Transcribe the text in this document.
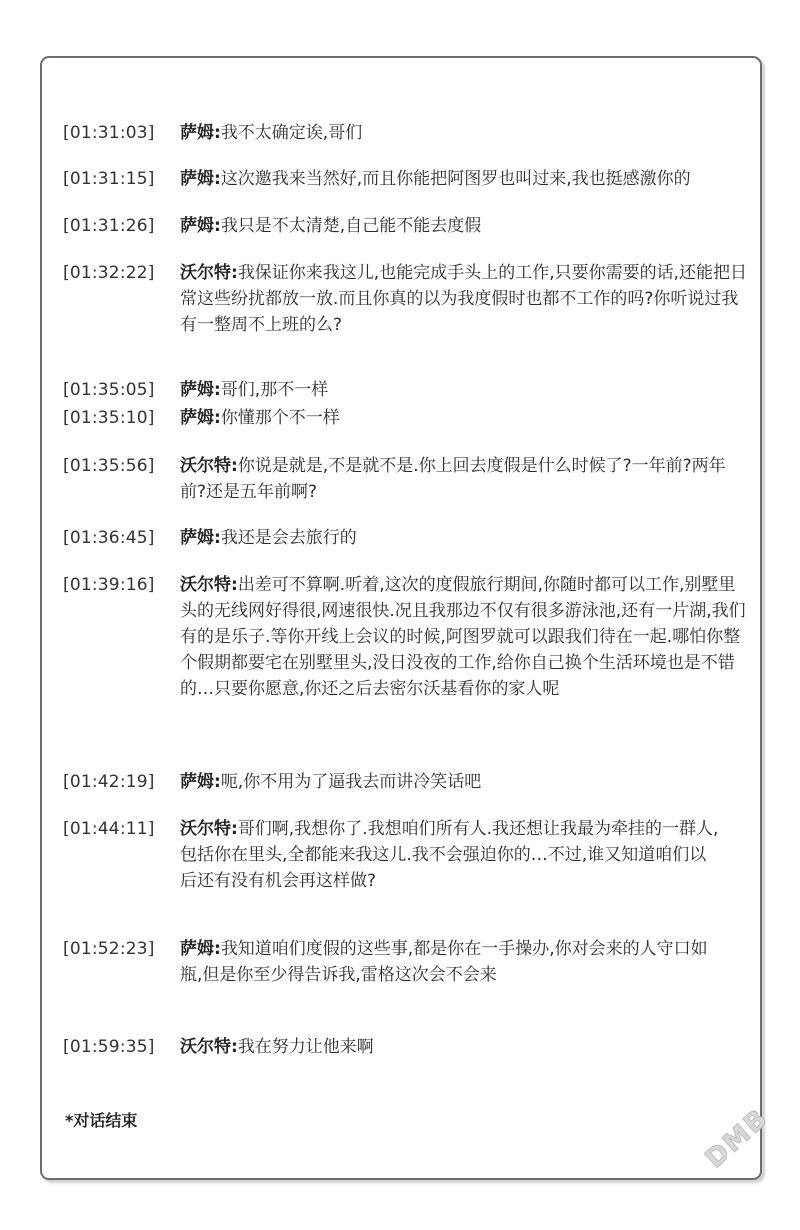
[01:31:03] 萨姆:我不太确定诶,哥们
[01:31:15] 萨姆:这次邀我来当然好,而且你能把阿图罗也叫过来,我也挺感激你的
[01:31:26] 萨姆:我只是不太清楚,自己能不能去度假
[01:32:22] 沃尔特:我保证你来我这儿,也能完成手头上的工作,只要你需要的话,还能把日常这些纷扰都放一放.而且你真的以为我度假时也都不工作的吗?你听说过我有一整周不上班的么?
[01:35:05] 萨姆:哥们,那不一样
[01:35:10] 萨姆:你懂那个不一样
[01:35:56] 沃尔特:你说是就是,不是就不是.你上回去度假是什么时候了?一年前?两年前?还是五年前啊?
[01:36:45] 萨姆:我还是会去旅行的
[01:39:16] 沃尔特:出差可不算啊.听着,这次的度假旅行期间,你随时都可以工作,别墅里头的无线网好得很,网速很快.况且我那边不仅有很多游泳池,还有一片湖,我们有的是乐子.等你开线上会议的时候,阿图罗就可以跟我们待在一起.哪怕你整个假期都要宅在别墅里头,没日没夜的工作,给你自己换个生活环境也是不错的…只要你愿意,你还之后去密尔沃基看你的家人呢
[01:42:19] 萨姆:呃,你不用为了逼我去而讲冷笑话吧
[01:44:11] 沃尔特:哥们啊,我想你了.我想咱们所有人.我还想让我最为牵挂的一群人,包括你在里头,全都能来我这儿.我不会强迫你的…不过,谁又知道咱们以后还有没有机会再这样做?
[01:52:23] 萨姆:我知道咱们度假的这些事,都是你在一手操办,你对会来的人守口如瓶,但是你至少得告诉我,雷格这次会不会来
[01:59:35] 沃尔特:我在努力让他来啊
*对话结束	DMB
